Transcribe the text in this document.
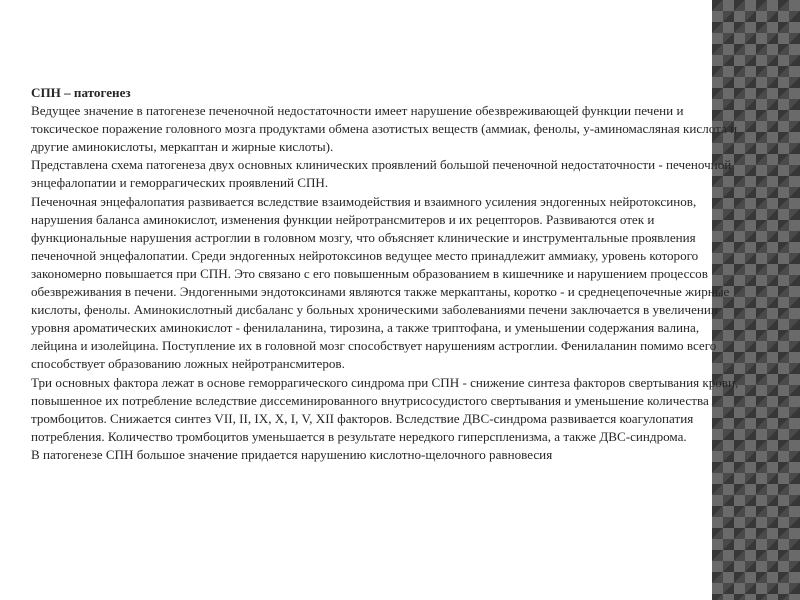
СПН – патогенез

Ведущее значение в патогенезе печеночной недостаточности имеет нарушение обезвреживающей функции печени и токсическое поражение головного мозга продуктами обмена азотистых веществ (аммиак, фенолы, у-аминомасляная кислота и другие аминокислоты, меркаптан и жирные кислоты).

Представлена схема патогенеза двух основных клинических проявлений большой печеночной недостаточности - печеночной энцефалопатии и геморрагических проявлений СПН.

Печеночная энцефалопатия развивается вследствие взаимодействия и взаимного усиления эндогенных нейротоксинов, нарушения баланса аминокислот, изменения функции нейротрансмитеров и их рецепторов. Развиваются отек и функциональные нарушения астроглии в головном мозгу, что объясняет клинические и инструментальные проявления печеночной энцефалопатии. Среди эндогенных нейротоксинов ведущее место принадлежит аммиаку, уровень которого закономерно повышается при СПН. Это связано с его повышенным образованием в кишечнике и нарушением процессов обезвреживания в печени. Эндогенными эндотоксинами являются также меркаптаны, коротко - и среднецепочечные жирные кислоты, фенолы. Аминокислотный дисбаланс у больных хроническими заболеваниями печени заключается в увеличении уровня ароматических аминокислот - фенилаланина, тирозина, а также триптофана, и уменьшении содержания валина, лейцина и изолейцина. Поступление их в головной мозг способствует нарушениям астроглии. Фенилаланин помимо всего способствует образованию ложных нейротрансмитеров.

Три основных фактора лежат в основе геморрагического синдрома при СПН - снижение синтеза факторов свертывания крови, повышенное их потребление вследствие диссеминированного внутрисосудистого свертывания и уменьшение количества тромбоцитов. Снижается синтез VII, II, IX, X, I, V, XII факторов. Вследствие ДВС-синдрома развивается коагулопатия потребления. Количество тромбоцитов уменьшается в результате нередкого гиперспленизма, а также ДВС-синдрома.

В патогенезе СПН большое значение придается нарушению кислотно-щелочного равновесия
